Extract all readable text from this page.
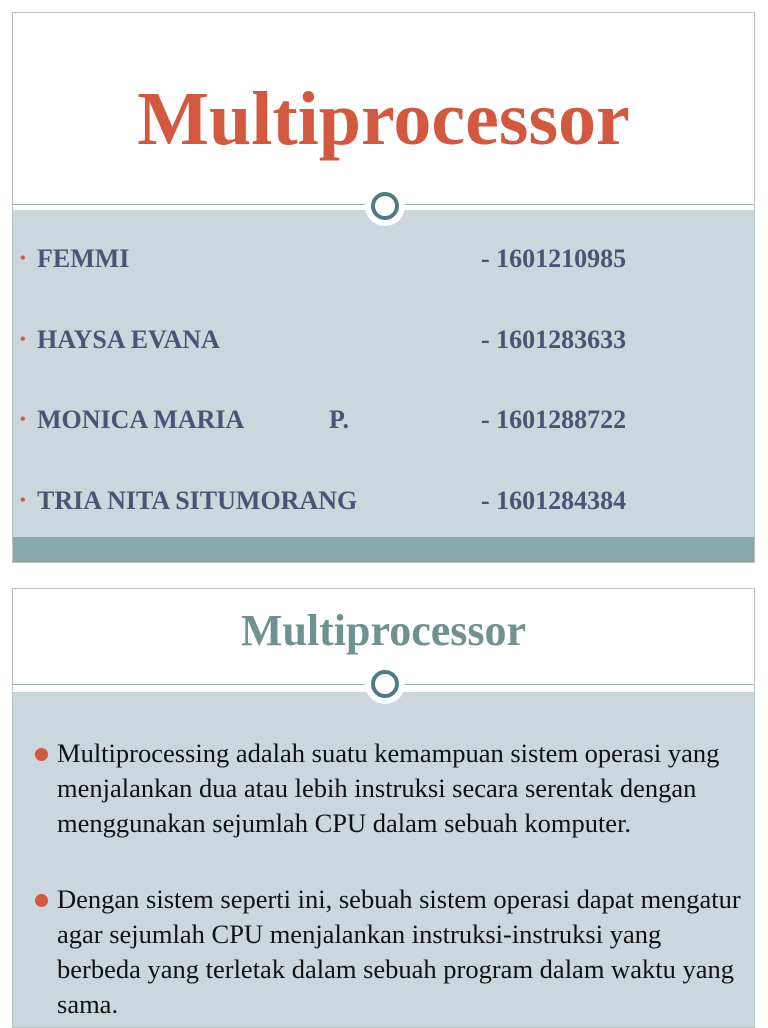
Multiprocessor
• FEMMI	- 1601210985
• HAYSA EVANA	- 1601283633
• MONICA MARIA	P.	- 1601288722
• TRIA NITA SITUMORANG	- 1601284384
Multiprocessor
Multiprocessing adalah suatu kemampuan sistem operasi yang menjalankan dua atau lebih instruksi secara serentak dengan menggunakan sejumlah CPU dalam sebuah komputer.
Dengan sistem seperti ini, sebuah sistem operasi dapat mengatur agar sejumlah CPU menjalankan instruksi-instruksi yang berbeda yang terletak dalam sebuah program dalam waktu yang sama.
